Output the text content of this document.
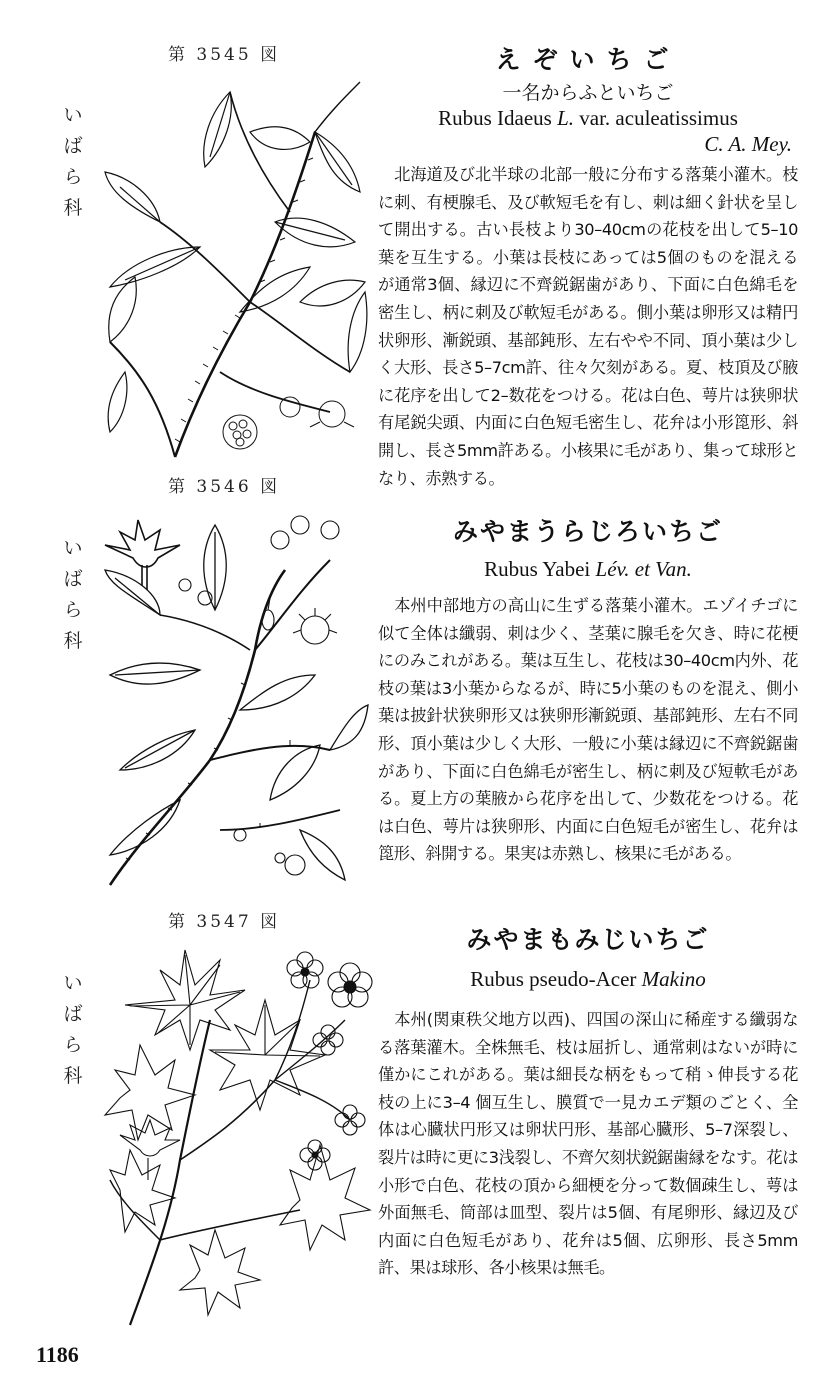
第 3545 図
い
ば
ら
科
えぞいちご
一名からふといちご
Rubus Idaeus L. var. aculeatissimus
C. A. Mey.

北海道及び北半球の北部一般に分布する落葉小灌木。枝に刺、有梗腺毛、及び軟短毛を有し、刺は細く針状を呈して開出する。古い長枝より30–40cmの花枝を出して5–10葉を互生する。小葉は長枝にあっては5個のものを混えるが通常3個、縁辺に不齊鋭鋸歯があり、下面に白色綿毛を密生し、柄に刺及び軟短毛がある。側小葉は卵形又は精円状卵形、漸鋭頭、基部鈍形、左右やや不同、頂小葉は少しく大形、長さ5–7cm許、往々欠刻がある。夏、枝頂及び腋に花序を出して2–数花をつける。花は白色、萼片は狭卵状有尾鋭尖頭、内面に白色短毛密生し、花弁は小形箆形、斜開し、長さ5mm許ある。小核果に毛があり、集って球形となり、赤熟する。

第 3546 図
い
ば
ら
科
みやまうらじろいちご
Rubus Yabei Lév. et Van.

本州中部地方の高山に生ずる落葉小灌木。エゾイチゴに似て全体は纖弱、刺は少く、茎葉に腺毛を欠き、時に花梗にのみこれがある。葉は互生し、花枝は30–40cm内外、花枝の葉は3小葉からなるが、時に5小葉のものを混え、側小葉は披針状狭卵形又は狭卵形漸鋭頭、基部鈍形、左右不同形、頂小葉は少しく大形、一般に小葉は縁辺に不齊鋭鋸歯があり、下面に白色綿毛が密生し、柄に刺及び短軟毛がある。夏上方の葉腋から花序を出して、少数花をつける。花は白色、萼片は狭卵形、内面に白色短毛が密生し、花弁は箆形、斜開する。果実は赤熟し、核果に毛がある。

第 3547 図
い
ば
ら
科
みやまもみじいちご
Rubus pseudo-Acer Makino

本州(関東秩父地方以西)、四国の深山に稀産する纖弱なる落葉灌木。全株無毛、枝は屈折し、通常刺はないが時に僅かにこれがある。葉は細長な柄をもって稍ゝ伸長する花枝の上に3–4 個互生し、膜質で一見カエデ類のごとく、全体は心臓状円形又は卵状円形、基部心臓形、5–7深裂し、裂片は時に更に3浅裂し、不齊欠刻状鋭鋸歯縁をなす。花は小形で白色、花枝の頂から細梗を分って数個疎生し、萼は外面無毛、筒部は皿型、裂片は5個、有尾卵形、縁辺及び内面に白色短毛があり、花弁は5個、広卵形、長さ5mm許、果は球形、各小核果は無毛。

1186
